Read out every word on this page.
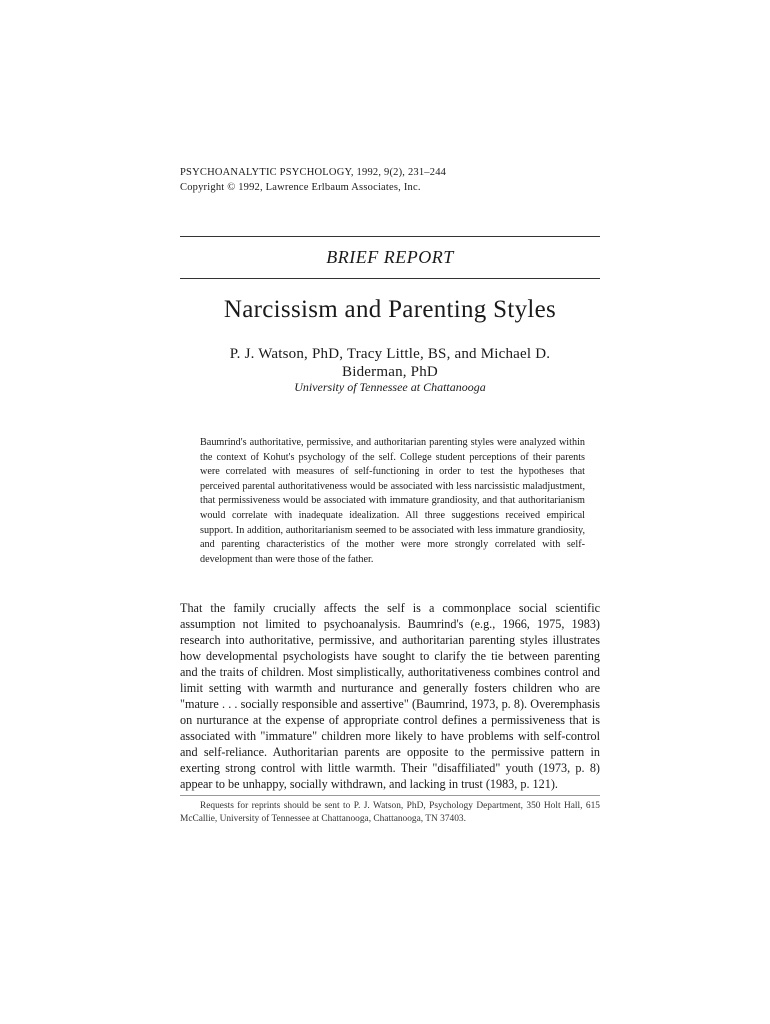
PSYCHOANALYTIC PSYCHOLOGY, 1992, 9(2), 231–244
Copyright © 1992, Lawrence Erlbaum Associates, Inc.
BRIEF REPORT
Narcissism and Parenting Styles
P. J. Watson, PhD, Tracy Little, BS, and Michael D.
Biderman, PhD
University of Tennessee at Chattanooga

Baumrind's authoritative, permissive, and authoritarian parenting styles were analyzed within the context of Kohut's psychology of the self. College student perceptions of their parents were correlated with measures of self-functioning in order to test the hypotheses that perceived parental authoritativeness would be associated with less narcissistic maladjustment, that permissiveness would be associated with immature grandiosity, and that authoritarianism would correlate with inadequate idealization. All three suggestions received empirical support. In addition, authoritarianism seemed to be associated with less immature grandiosity, and parenting characteristics of the mother were more strongly correlated with self-development than were those of the father.

That the family crucially affects the self is a commonplace social scientific assumption not limited to psychoanalysis. Baumrind's (e.g., 1966, 1975, 1983) research into authoritative, permissive, and authoritarian parenting styles illustrates how developmental psychologists have sought to clarify the tie between parenting and the traits of children. Most simplistically, authoritativeness combines control and limit setting with warmth and nurturance and generally fosters children who are "mature . . . socially responsible and assertive" (Baumrind, 1973, p. 8). Overemphasis on nurturance at the expense of appropriate control defines a permissiveness that is associated with "immature" children more likely to have problems with self-control and self-reliance. Authoritarian parents are opposite to the permissive pattern in exerting strong control with little warmth. Their "disaffiliated" youth (1973, p. 8) appear to be unhappy, socially withdrawn, and lacking in trust (1983, p. 121).

Requests for reprints should be sent to P. J. Watson, PhD, Psychology Department, 350 Holt Hall, 615 McCallie, University of Tennessee at Chattanooga, Chattanooga, TN 37403.
